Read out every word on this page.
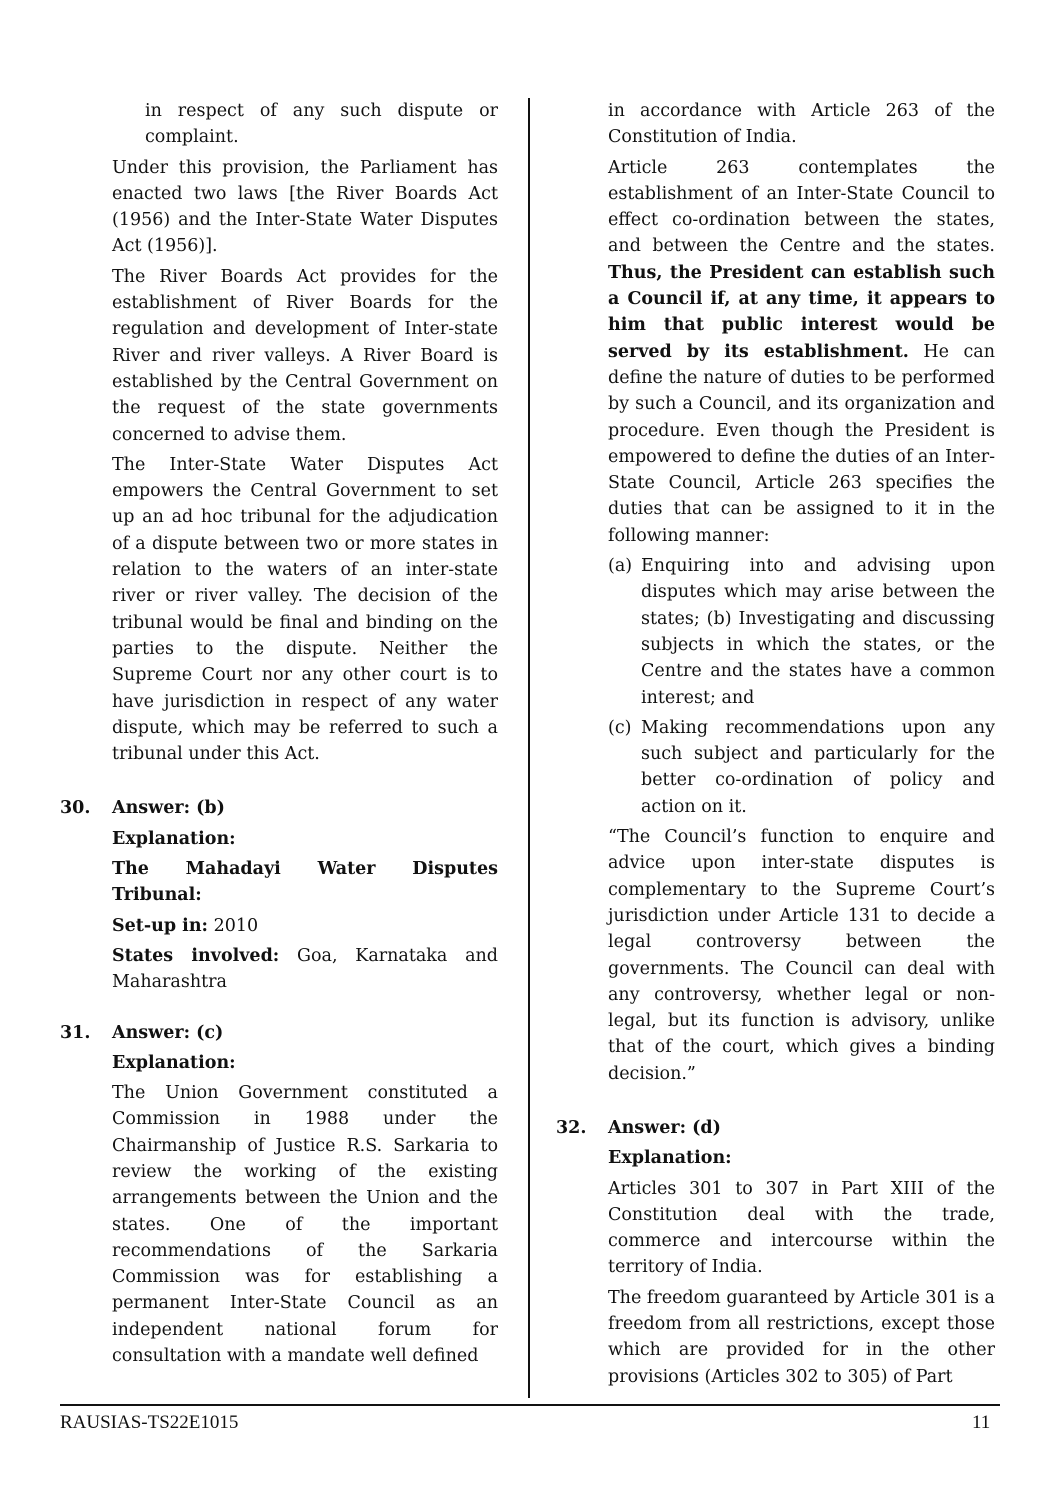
in respect of any such dispute or complaint.

Under this provision, the Parliament has enacted two laws [the River Boards Act (1956) and the Inter-State Water Disputes Act (1956)].

The River Boards Act provides for the establishment of River Boards for the regulation and development of Inter-state River and river valleys. A River Board is established by the Central Government on the request of the state governments concerned to advise them.

The Inter-State Water Disputes Act empowers the Central Government to set up an ad hoc tribunal for the adjudication of a dispute between two or more states in relation to the waters of an inter-state river or river valley. The decision of the tribunal would be final and binding on the parties to the dispute. Neither the Supreme Court nor any other court is to have jurisdiction in respect of any water dispute, which may be referred to such a tribunal under this Act.

30. Answer: (b)

Explanation:

The Mahadayi Water Disputes Tribunal:

Set-up in: 2010

States involved: Goa, Karnataka and Maharashtra

31. Answer: (c)

Explanation:

The Union Government constituted a Commission in 1988 under the Chairmanship of Justice R.S. Sarkaria to review the working of the existing arrangements between the Union and the states. One of the important recommendations of the Sarkaria Commission was for establishing a permanent Inter-State Council as an independent national forum for consultation with a mandate well defined

in accordance with Article 263 of the Constitution of India.

Article 263 contemplates the establishment of an Inter-State Council to effect co-ordination between the states, and between the Centre and the states. Thus, the President can establish such a Council if, at any time, it appears to him that public interest would be served by its establishment. He can define the nature of duties to be performed by such a Council, and its organization and procedure. Even though the President is empowered to define the duties of an Inter-State Council, Article 263 specifies the duties that can be assigned to it in the following manner:

(a) Enquiring into and advising upon disputes which may arise between the states; (b) Investigating and discussing subjects in which the states, or the Centre and the states have a common interest; and
(c) Making recommendations upon any such subject and particularly for the better co-ordination of policy and action on it.

“The Council’s function to enquire and advice upon inter-state disputes is complementary to the Supreme Court’s jurisdiction under Article 131 to decide a legal controversy between the governments. The Council can deal with any controversy, whether legal or non-legal, but its function is advisory, unlike that of the court, which gives a binding decision.”

32. Answer: (d)

Explanation:

Articles 301 to 307 in Part XIII of the Constitution deal with the trade, commerce and intercourse within the territory of India.

The freedom guaranteed by Article 301 is a freedom from all restrictions, except those which are provided for in the other provisions (Articles 302 to 305) of Part

RAUSIAS-TS22E1015	11
